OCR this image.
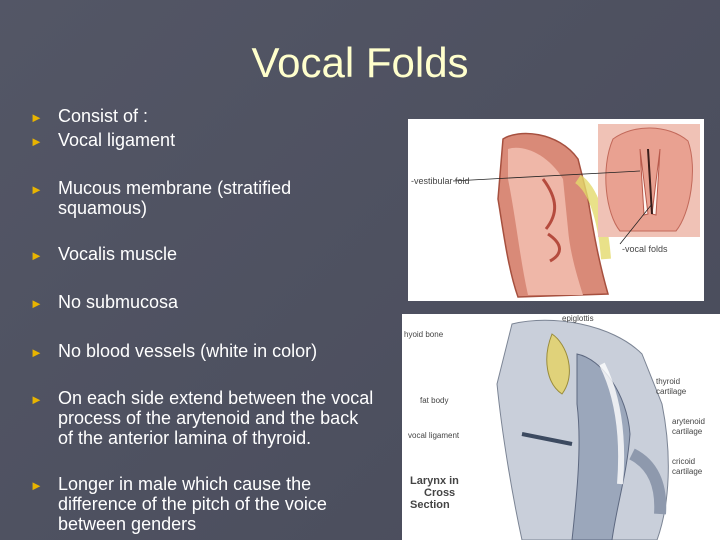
Vocal Folds
► Consist of :
► Vocal ligament
► Mucous membrane (stratified
squamous)
► Vocalis muscle
► No submucosa
► No blood vessels (white in color)
► On each side extend between the vocal
process of the arytenoid and the back
of the anterior lamina of thyroid.
► Longer in male which cause the
difference of the pitch of the voice
between genders
-vestibular fold
-vocal folds
epiglottis
hyoid bone
fat body
vocal ligament
thyroid cartilage
arytenoid cartilage
cricoid cartilage
Larynx in Cross Section
